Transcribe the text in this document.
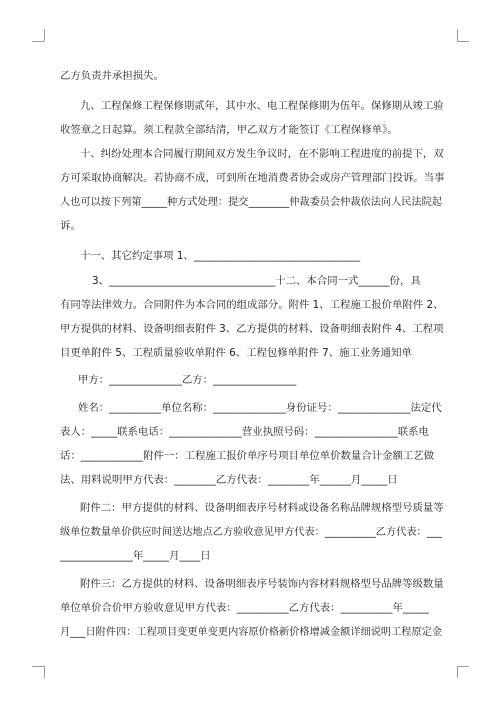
乙方负责并承担损失。
九、工程保修工程保修期贰年，其中水、电工程保修期为伍年。保修期从竣工验
收签章之日起算。须工程款全部结清，甲乙双方才能签订《工程保修单》。
十、纠纷处理本合同履行期间双方发生争议时，在不影响工程进度的前提下，双
方可采取协商解决。若协商不成，可到所在地消费者协会或房产管理部门投诉。当事
人也可以按下列第_____种方式处理：提交________仲裁委员会仲裁依法向人民法院起
诉。
十一、其它约定事项 1、________________________________
3、________________________________十二、本合同一式______份，具
有同等法律效力。合同附件为本合同的组成部分。附件 1、工程施工报价单附件 2、
甲方提供的材料、设备明细表附件 3、乙方提供的材料、设备明细表附件 4、工程项
目更单附件 5、工程质量验收单附件 6、工程包修单附件 7、施工业务通知单
甲方：______________乙方：________________
姓名：__________单位名称：______________身份证号：______________法定代
表人：_____联系电话：______________营业执照号码：________________联系电
话：____________附件一：工程施工报价单序号项目单位单价数量合计金额工艺做
法、用料说明甲方代表：________乙方代表：________年______月_____日
附件二：甲方提供的材料、设备明细表序号材料或设备名称品牌规格型号质量等
级单位数量单价供应时间送达地点乙方验收意见甲方代表：__________乙方代表：___
______________年_____月____日
附件三：乙方提供的材料、设备明细表序号装饰内容材料规格型号品牌等级数量
单位单价合价甲方验收意见甲方代表：__________乙方代表：__________年_____
月___日附件四：工程项目变更单变更内容原价格新价格增减金额详细说明工程原定金
